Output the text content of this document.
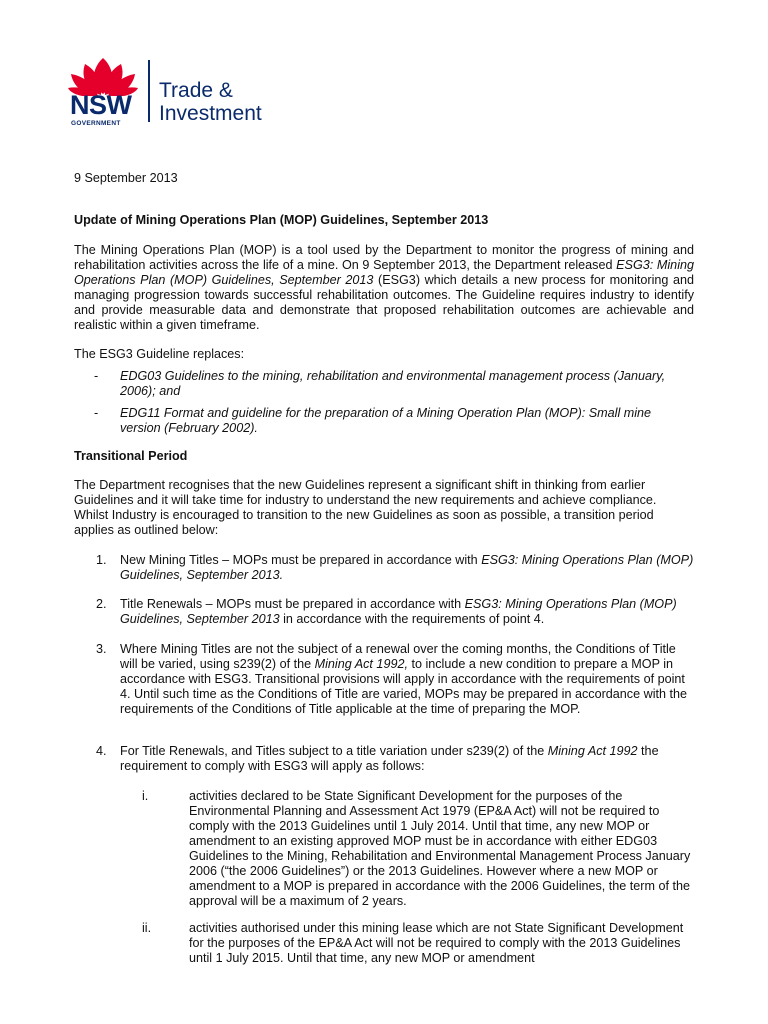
NSW
GOVERNMENT
Trade &
Investment
9 September 2013
Update of Mining Operations Plan (MOP) Guidelines, September 2013
The Mining Operations Plan (MOP) is a tool used by the Department to monitor the progress of mining and rehabilitation activities across the life of a mine. On 9 September 2013, the Department released ESG3: Mining Operations Plan (MOP) Guidelines, September 2013 (ESG3) which details a new process for monitoring and managing progression towards successful rehabilitation outcomes. The Guideline requires industry to identify and provide measurable data and demonstrate that proposed rehabilitation outcomes are achievable and realistic within a given timeframe.
The ESG3 Guideline replaces:
- EDG03 Guidelines to the mining, rehabilitation and environmental management process (January, 2006); and
- EDG11 Format and guideline for the preparation of a Mining Operation Plan (MOP): Small mine version (February 2002).
Transitional Period
The Department recognises that the new Guidelines represent a significant shift in thinking from earlier Guidelines and it will take time for industry to understand the new requirements and achieve compliance. Whilst Industry is encouraged to transition to the new Guidelines as soon as possible, a transition period applies as outlined below:
1. New Mining Titles – MOPs must be prepared in accordance with ESG3: Mining Operations Plan (MOP) Guidelines, September 2013.
2. Title Renewals – MOPs must be prepared in accordance with ESG3: Mining Operations Plan (MOP) Guidelines, September 2013 in accordance with the requirements of point 4.
3. Where Mining Titles are not the subject of a renewal over the coming months, the Conditions of Title will be varied, using s239(2) of the Mining Act 1992, to include a new condition to prepare a MOP in accordance with ESG3. Transitional provisions will apply in accordance with the requirements of point 4. Until such time as the Conditions of Title are varied, MOPs may be prepared in accordance with the requirements of the Conditions of Title applicable at the time of preparing the MOP.
4. For Title Renewals, and Titles subject to a title variation under s239(2) of the Mining Act 1992 the requirement to comply with ESG3 will apply as follows:
i.	activities declared to be State Significant Development for the purposes of the Environmental Planning and Assessment Act 1979 (EP&A Act) will not be required to comply with the 2013 Guidelines until 1 July 2014. Until that time, any new MOP or amendment to an existing approved MOP must be in accordance with either EDG03 Guidelines to the Mining, Rehabilitation and Environmental Management Process January 2006 (“the 2006 Guidelines”) or the 2013 Guidelines. However where a new MOP or amendment to a MOP is prepared in accordance with the 2006 Guidelines, the term of the approval will be a maximum of 2 years.
ii.	activities authorised under this mining lease which are not State Significant Development for the purposes of the EP&A Act will not be required to comply with the 2013 Guidelines until 1 July 2015. Until that time, any new MOP or amendment
